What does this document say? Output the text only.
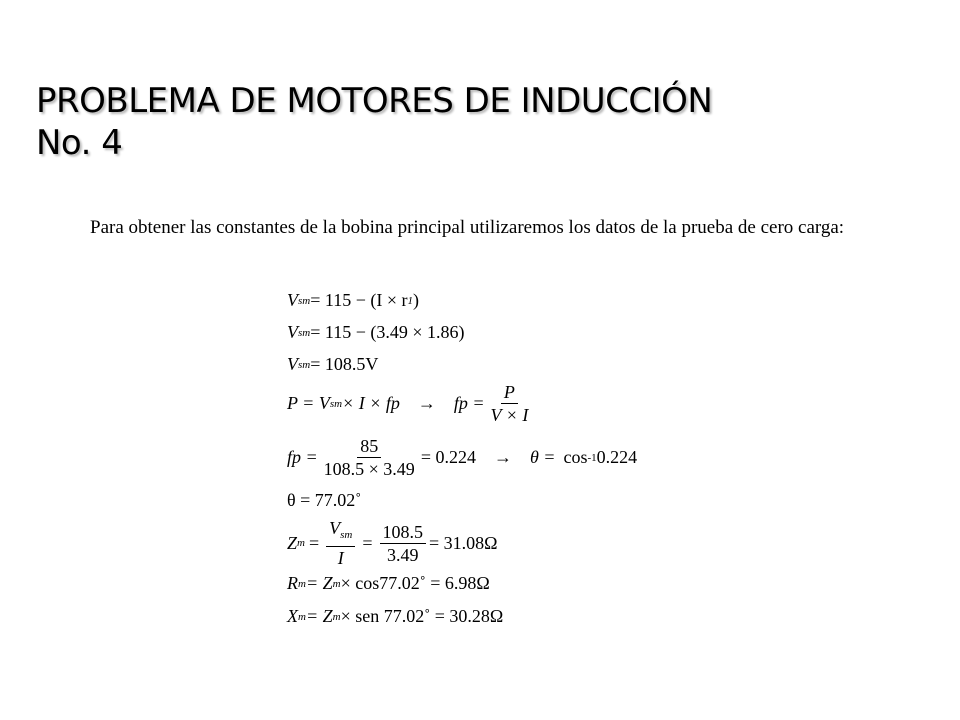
PROBLEMA DE MOTORES DE INDUCCIÓN
No. 4
Para obtener las constantes de la bobina principal utilizaremos los datos de la prueba de cero carga:
V sm = 115 − (I × r 1 )
V sm = 115 − (3.49 × 1.86)
V sm = 108.5V
P = V sm × I × fp → fp = $\frac{P}{V \times I}$
fp = $\frac{85}{108.5 \times 3.49} = 0.224 \to \theta = \cos -1$ 0.224
θ = 77.02˚
Z $m = \frac{V_{sm}}{I} = \frac{108.5}{3.49} = 31.08\Omega$
R m = Z m × cos77.02˚ = 6.98Ω
X m = Z m × sen 77.02˚ = 30.28Ω
